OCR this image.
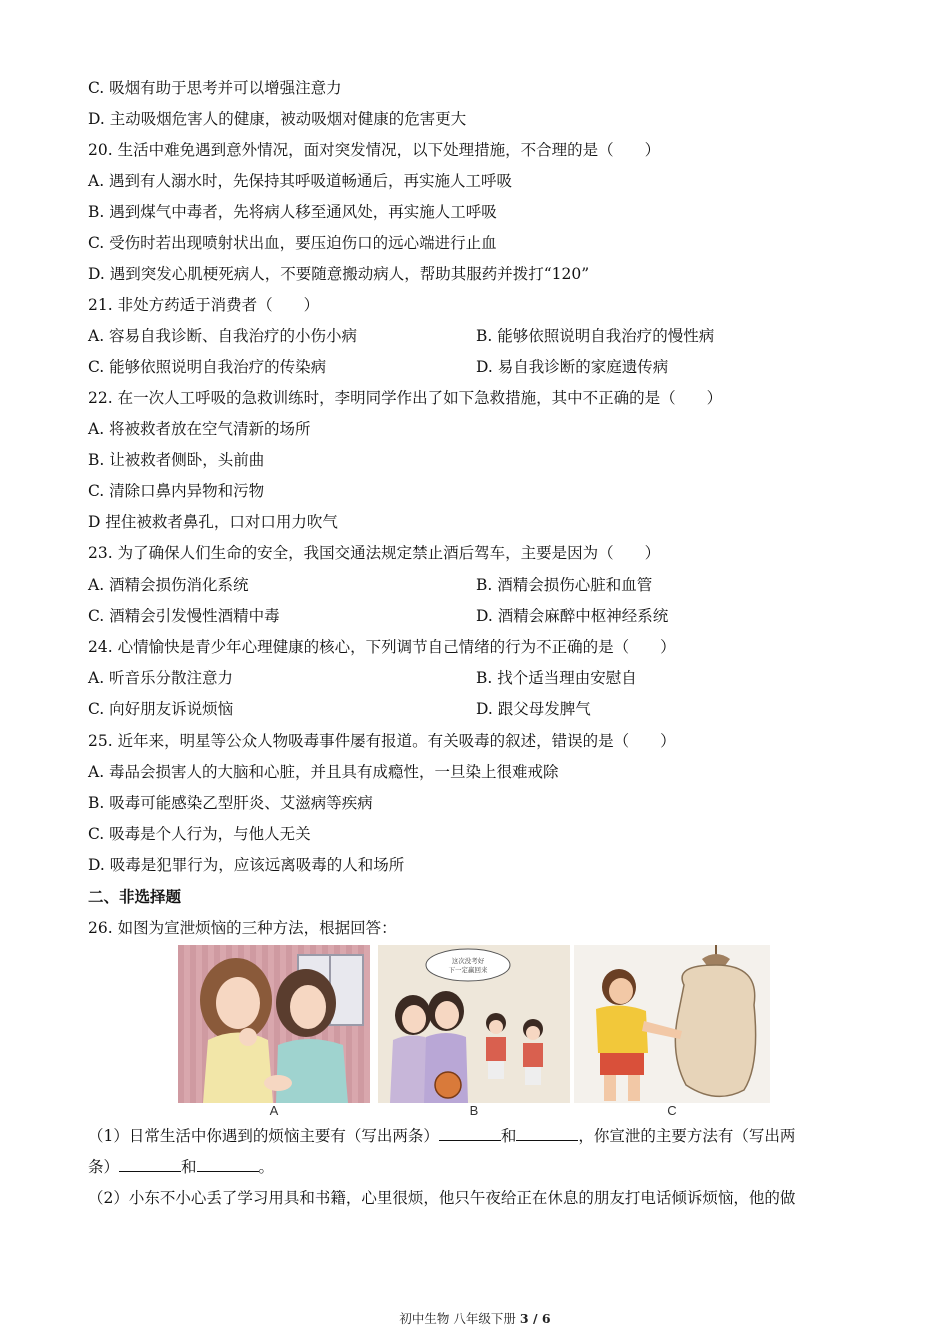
C. 吸烟有助于思考并可以增强注意力
D. 主动吸烟危害人的健康，被动吸烟对健康的危害更大
20. 生活中难免遇到意外情况，面对突发情况，以下处理措施，不合理的是（　　）
A. 遇到有人溺水时，先保持其呼吸道畅通后，再实施人工呼吸
B. 遇到煤气中毒者，先将病人移至通风处，再实施人工呼吸
C. 受伤时若出现喷射状出血，要压迫伤口的远心端进行止血
D. 遇到突发心肌梗死病人，不要随意搬动病人，帮助其服药并拨打“120”
21. 非处方药适于消费者（　　）
A. 容易自我诊断、自我治疗的小伤小病	B. 能够依照说明自我治疗的慢性病
C. 能够依照说明自我治疗的传染病	D. 易自我诊断的家庭遗传病
22. 在一次人工呼吸的急救训练时，李明同学作出了如下急救措施，其中不正确的是（　　）
A. 将被救者放在空气清新的场所
B. 让被救者侧卧，头前曲
C. 清除口鼻内异物和污物
D 捏住被救者鼻孔，口对口用力吹气
23. 为了确保人们生命的安全，我国交通法规定禁止酒后驾车，主要是因为（　　）
A. 酒精会损伤消化系统	B. 酒精会损伤心脏和血管
C. 酒精会引发慢性酒精中毒	D. 酒精会麻醉中枢神经系统
24. 心情愉快是青少年心理健康的核心，下列调节自己情绪的行为不正确的是（　　）
A. 听音乐分散注意力	B. 找个适当理由安慰自
C. 向好朋友诉说烦恼	D. 跟父母发脾气
25. 近年来，明星等公众人物吸毒事件屡有报道。有关吸毒的叙述，错误的是（　　）
A. 毒品会损害人的大脑和心脏，并且具有成瘾性，一旦染上很难戒除
B. 吸毒可能感染乙型肝炎、艾滋病等疾病
C. 吸毒是个人行为，与他人无关
D. 吸毒是犯罪行为，应该远离吸毒的人和场所
二、非选择题
26. 如图为宣泄烦恼的三种方法，根据回答：
A
这次没考好
下一定赢回来
B	C
（1）日常生活中你遇到的烦恼主要有（写出两条）	和	，你宣泄的主要方法有（写出两
条）	和	。
（2）小东不小心丢了学习用具和书籍，心里很烦，他只午夜给正在休息的朋友打电话倾诉烦恼，他的做
初中生物 八年级下册 3 / 6
